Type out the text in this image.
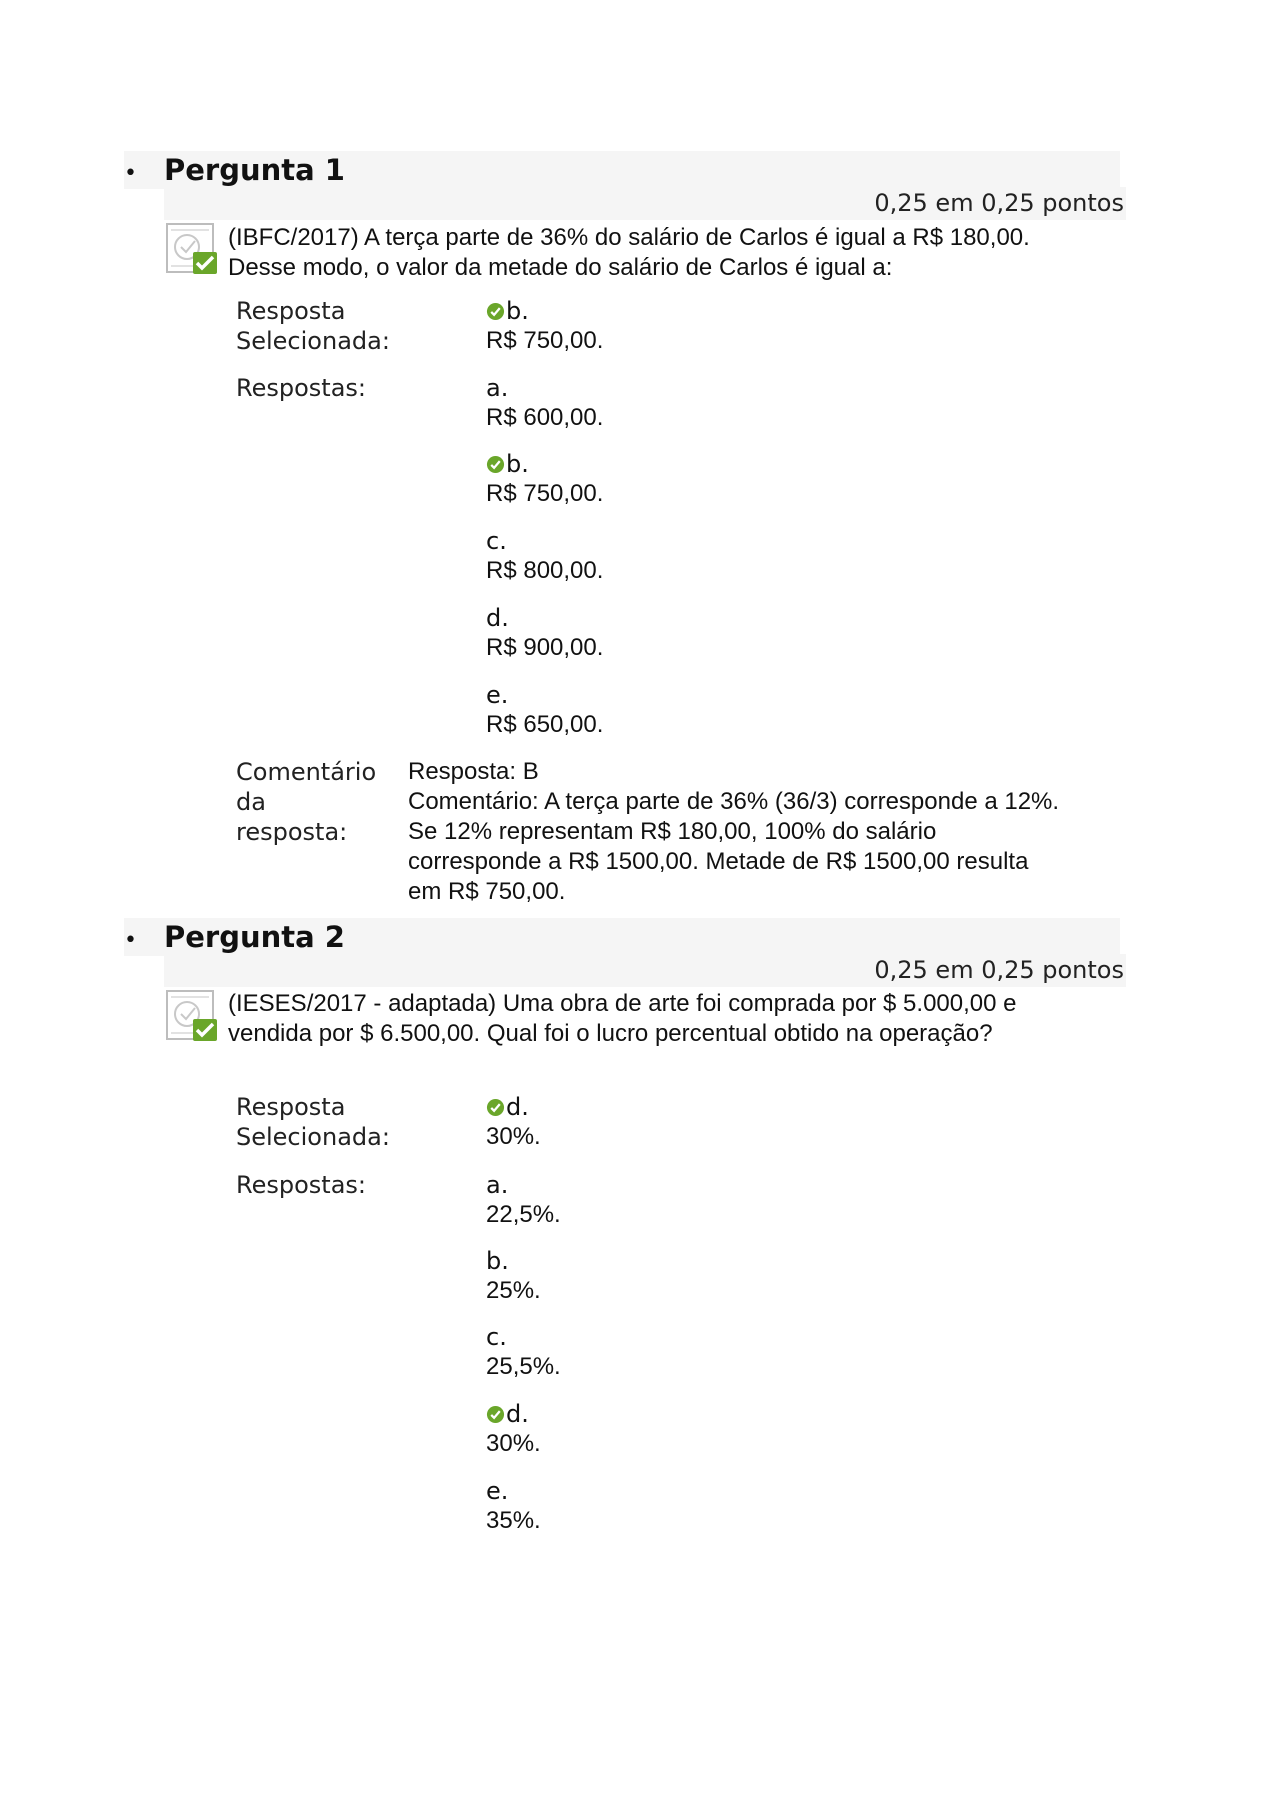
• Pergunta 1
0,25 em 0,25 pontos
(IBFC/2017) A terça parte de 36% do salário de Carlos é igual a R$ 180,00. Desse modo, o valor da metade do salário de Carlos é igual a:
Resposta
Selecionada:
b.
R$ 750,00.
Respostas:	a.
R$ 600,00.
b.
R$ 750,00.
c.
R$ 800,00.
d.
R$ 900,00.
e.
R$ 650,00.
Comentário
da
resposta:
Resposta: B
Comentário: A terça parte de 36% (36/3) corresponde a 12%. Se 12% representam R$ 180,00, 100% do salário corresponde a R$ 1500,00. Metade de R$ 1500,00 resulta em R$ 750,00.
• Pergunta 2
0,25 em 0,25 pontos
(IESES/2017 - adaptada) Uma obra de arte foi comprada por $ 5.000,00 e vendida por $ 6.500,00. Qual foi o lucro percentual obtido na operação?
Resposta
Selecionada:
d.
30%.
Respostas:	a.
22,5%.
b.
25%.
c.
25,5%.
d.
30%.
e.
35%.
